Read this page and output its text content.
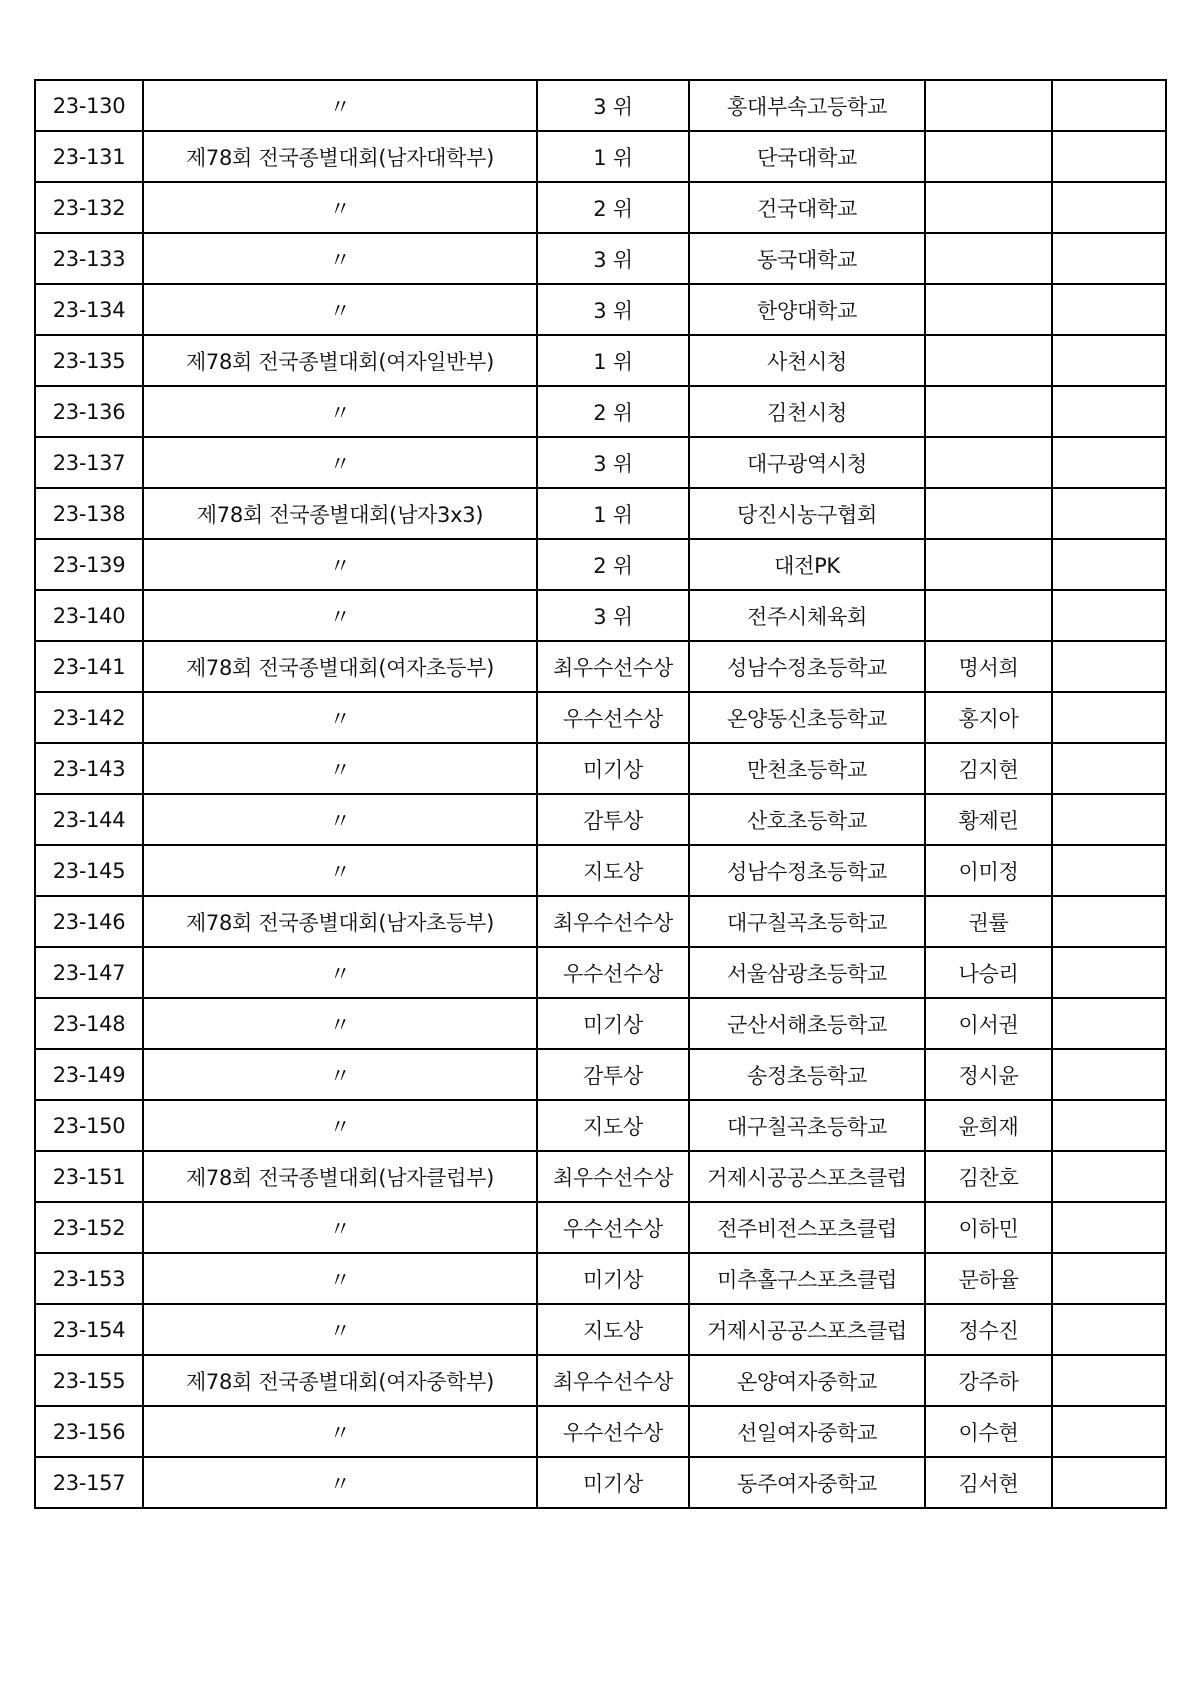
23-130	〃	3 위	홍대부속고등학교		
23-131	제78회 전국종별대회(남자대학부)	1 위	단국대학교		
23-132	〃	2 위	건국대학교		
23-133	〃	3 위	동국대학교		
23-134	〃	3 위	한양대학교		
23-135	제78회 전국종별대회(여자일반부)	1 위	사천시청		
23-136	〃	2 위	김천시청		
23-137	〃	3 위	대구광역시청		
23-138	제78회 전국종별대회(남자3x3)	1 위	당진시농구협회		
23-139	〃	2 위	대전PK		
23-140	〃	3 위	전주시체육회		
23-141	제78회 전국종별대회(여자초등부)	최우수선수상	성남수정초등학교	명서희	
23-142	〃	우수선수상	온양동신초등학교	홍지아	
23-143	〃	미기상	만천초등학교	김지현	
23-144	〃	감투상	산호초등학교	황제린	
23-145	〃	지도상	성남수정초등학교	이미정	
23-146	제78회 전국종별대회(남자초등부)	최우수선수상	대구칠곡초등학교	권률	
23-147	〃	우수선수상	서울삼광초등학교	나승리	
23-148	〃	미기상	군산서해초등학교	이서권	
23-149	〃	감투상	송정초등학교	정시윤	
23-150	〃	지도상	대구칠곡초등학교	윤희재	
23-151	제78회 전국종별대회(남자클럽부)	최우수선수상	거제시공공스포츠클럽	김찬호	
23-152	〃	우수선수상	전주비전스포츠클럽	이하민	
23-153	〃	미기상	미추홀구스포츠클럽	문하율	
23-154	〃	지도상	거제시공공스포츠클럽	정수진	
23-155	제78회 전국종별대회(여자중학부)	최우수선수상	온양여자중학교	강주하	
23-156	〃	우수선수상	선일여자중학교	이수현	
23-157	〃	미기상	동주여자중학교	김서현	
